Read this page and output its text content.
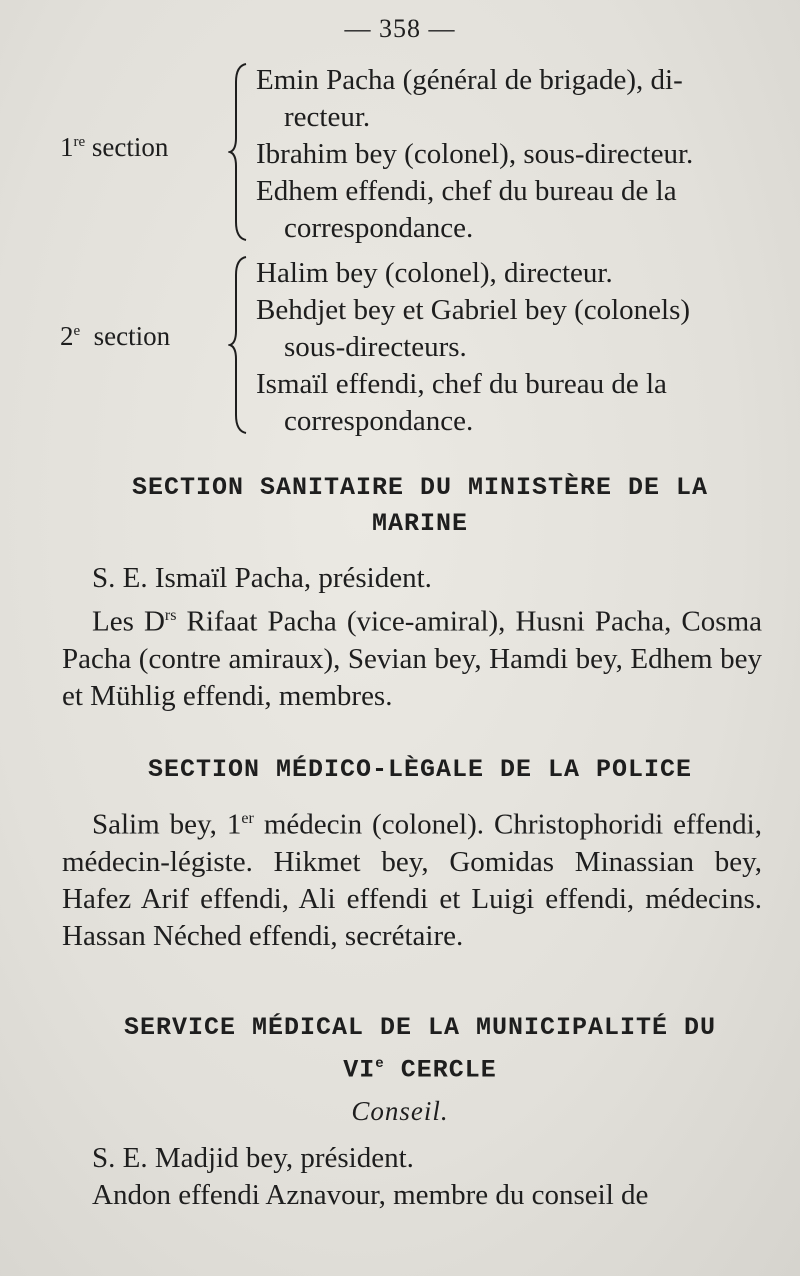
— 358 —
1re section
Emin Pacha (général de brigade), di-
recteur.
Ibrahim bey (colonel), sous-directeur.
Edhem effendi, chef du bureau de la
correspondance.
2e  section
Halim bey (colonel), directeur.
Behdjet bey et Gabriel bey (colonels)
sous-directeurs.
Ismaïl effendi, chef du bureau de la
correspondance.
SECTION SANITAIRE DU MINISTÈRE DE LA
MARINE

S. E. Ismaïl Pacha, président.

Les $D^{rs}$ Rifaat Pacha (vice-amiral), Husni Pacha, Cosma Pacha (contre amiraux), Sevian bey, Hamdi bey, Edhem bey et Mühlig effendi, membres.

SECTION MÉDICO-LÈGALE DE LA POLICE

Salim bey, 1er médecin (colonel). Christophoridi effendi, médecin-légiste. Hikmet bey, Gomidas Minassian bey, Hafez Arif effendi, Ali effendi et Luigi effendi, médecins. Hassan Néched effendi, secrétaire.

SERVICE MÉDICAL DE LA MUNICIPALITÉ DU
VIe CERCLE
Conseil.

S. E. Madjid bey, président.

Andon effendi Aznavour, membre du conseil de
